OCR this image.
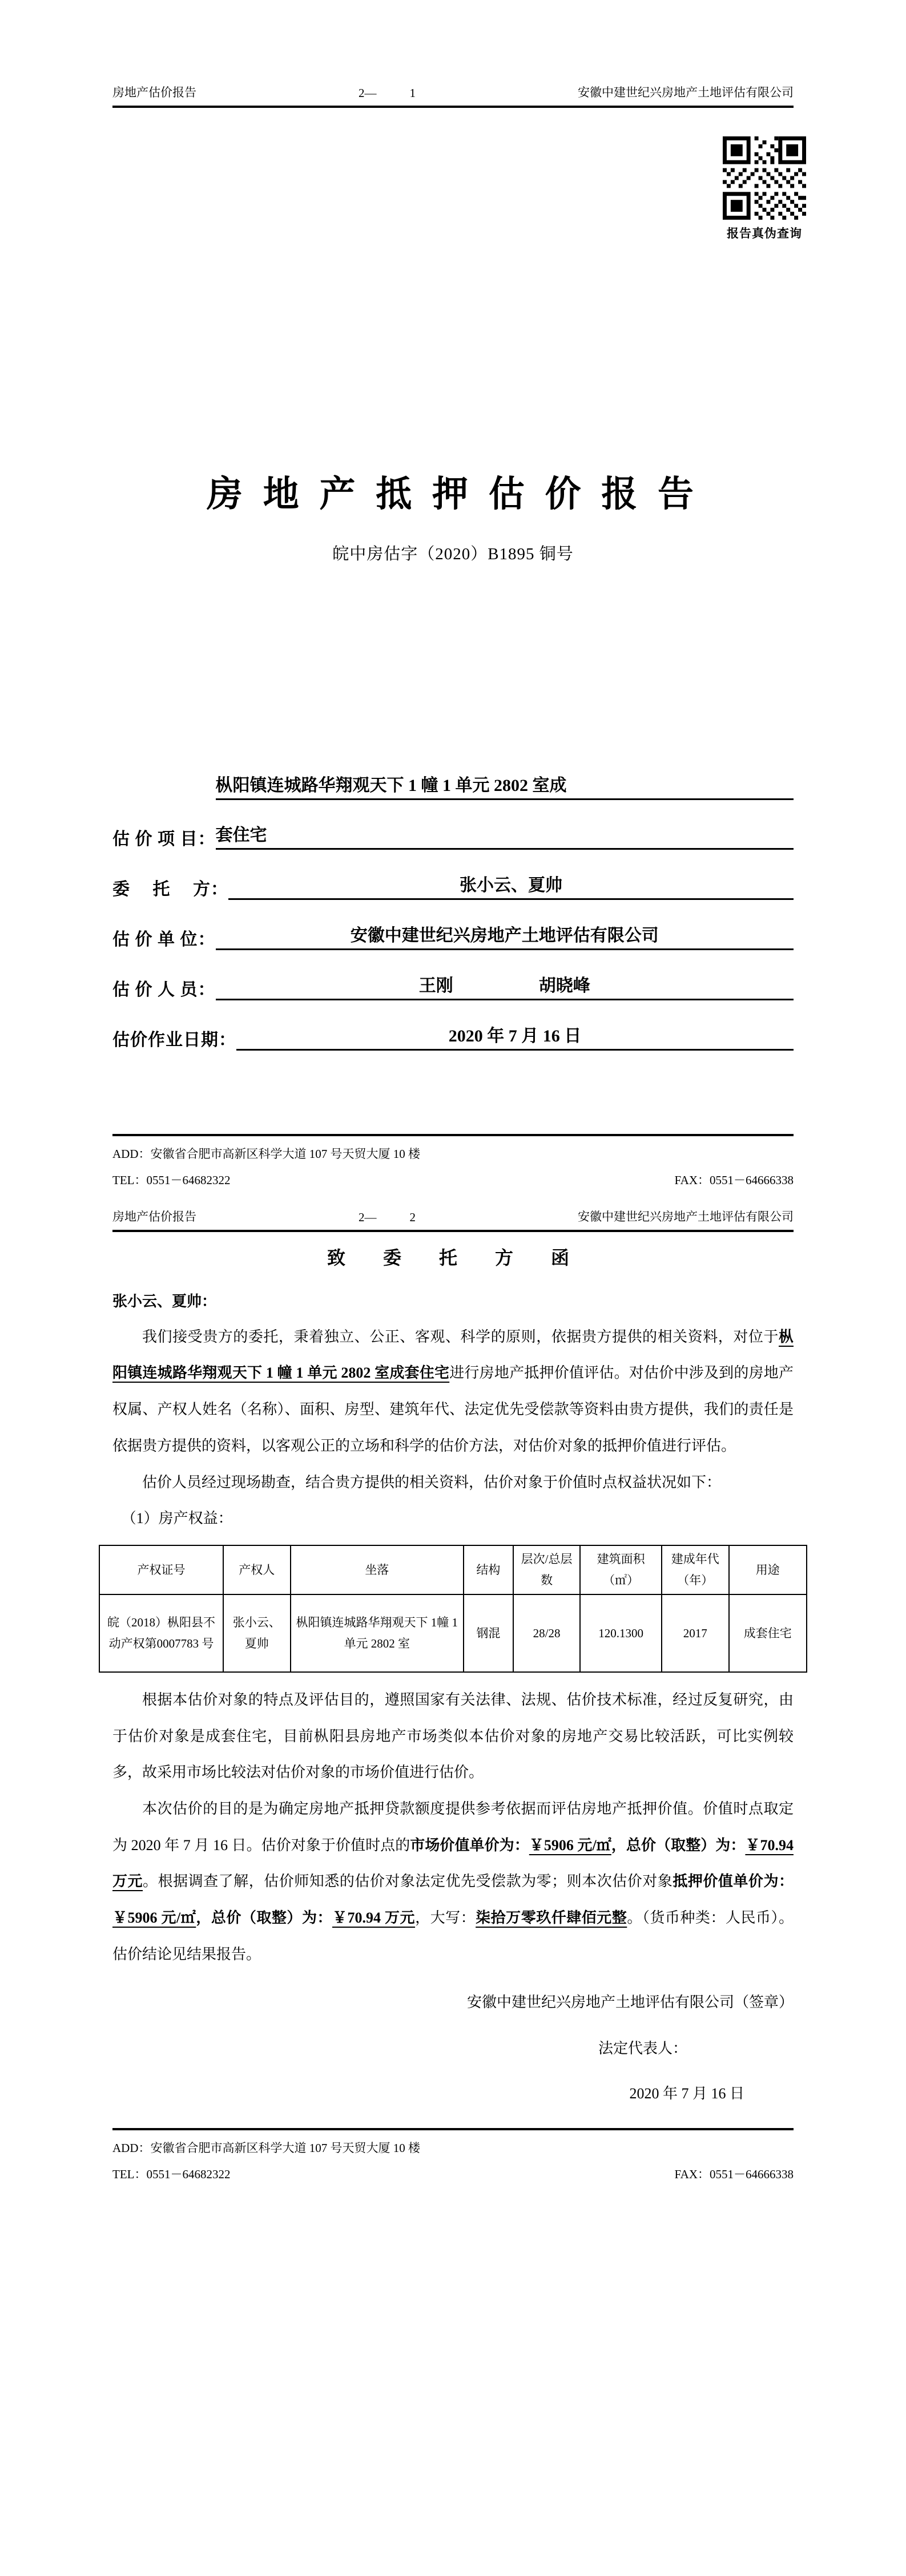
房地产估价报告	2—	1	安徽中建世纪兴房地产土地评估有限公司
报告真伪查询
房 地 产 抵 押 估 价 报 告
皖中房估字（2020）B1895 铜号
估 价 项 目：
枞阳镇连城路华翔观天下 1 幢 1 单元 2802 室成
套住宅
委　 托 　方：	张小云、夏帅
估 价 单 位：	安徽中建世纪兴房地产土地评估有限公司
估 价 人 员：	王刚　　　　　胡晓峰
估价作业日期：	2020 年 7 月 16 日
ADD：安徽省合肥市高新区科学大道 107 号天贸大厦 10 楼
TEL：0551－64682322	FAX：0551－64666338
房地产估价报告	2—	2	安徽中建世纪兴房地产土地评估有限公司
致　委　托　方　函
张小云、夏帅：

我们接受贵方的委托，秉着独立、公正、客观、科学的原则，依据贵方提供的相关资料，对位于枞阳镇连城路华翔观天下 1 幢 1 单元 2802 室成套住宅进行房地产抵押价值评估。对估价中涉及到的房地产权属、产权人姓名（名称）、面积、房型、建筑年代、法定优先受偿款等资料由贵方提供，我们的责任是依据贵方提供的资料，以客观公正的立场和科学的估价方法，对估价对象的抵押价值进行评估。

估价人员经过现场勘查，结合贵方提供的相关资料，估价对象于价值时点权益状况如下：

（1）房产权益：

产权证号	产权人	坐落	结构	层次/总层数	建筑面积（㎡）	建成年代（年）	用途
皖（2018）枞阳县不动产权第0007783 号	张小云、夏帅	枞阳镇连城路华翔观天下 1幢 1 单元 2802 室	钢混	28/28	120.1300	2017	成套住宅

根据本估价对象的特点及评估目的，遵照国家有关法律、法规、估价技术标准，经过反复研究，由于估价对象是成套住宅，目前枞阳县房地产市场类似本估价对象的房地产交易比较活跃，可比实例较多，故采用市场比较法对估价对象的市场价值进行估价。

本次估价的目的是为确定房地产抵押贷款额度提供参考依据而评估房地产抵押价值。价值时点取定为 2020 年 7 月 16 日。估价对象于价值时点的市场价值单价为：￥5906 元/㎡，总价（取整）为：￥70.94 万元。根据调查了解，估价师知悉的估价对象法定优先受偿款为零；则本次估价对象抵押价值单价为：￥5906 元/㎡，总价（取整）为：￥70.94 万元，大写：柒拾万零玖仟肆佰元整。（货币种类：人民币）。估价结论见结果报告。

安徽中建世纪兴房地产土地评估有限公司（签章）
法定代表人：
2020 年 7 月 16 日
ADD：安徽省合肥市高新区科学大道 107 号天贸大厦 10 楼
TEL：0551－64682322	FAX：0551－64666338
